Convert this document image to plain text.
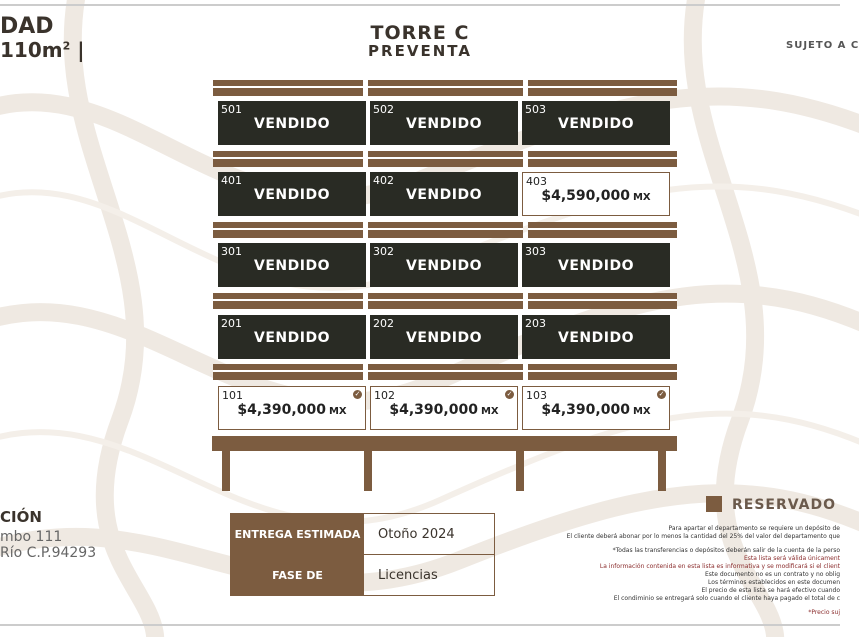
DAD
$110m^2$ |
TORRE C
PREVENTA	SUJETO A C
501
VENDIDO
502
VENDIDO
503
VENDIDO
401
VENDIDO
402
VENDIDO
403
$4,590,000 MX
301
VENDIDO
302
VENDIDO
303
VENDIDO
201
VENDIDO
202
VENDIDO
203
VENDIDO
101
$4,390,000 MX
✓ 102
$4,390,000 MX
✓ 103
$4,390,000 MX
✓
ENTREGA ESTIMADA	Otoño 2024
FASE DE CONSTRUCCION
Licencias
CIÓN
mbo 111
Río C.P.94293
RESERVADO
Para apartar el departamento se requiere un depósito de
El cliente deberá abonar por lo menos la cantidad del 25% del valor del departamento que
*Todas las transferencias o depósitos deberán salir de la cuenta de la perso
Esta lista será válida únicament
La información contenida en esta lista es informativa y se modificará si el client
Este documento no es un contrato y no oblig
Los términos establecidos en este documen
El precio de esta lista se hará efectivo cuando
El condiminio se entregará solo cuando el cliente haya pagado el total de c
*Precio suj
